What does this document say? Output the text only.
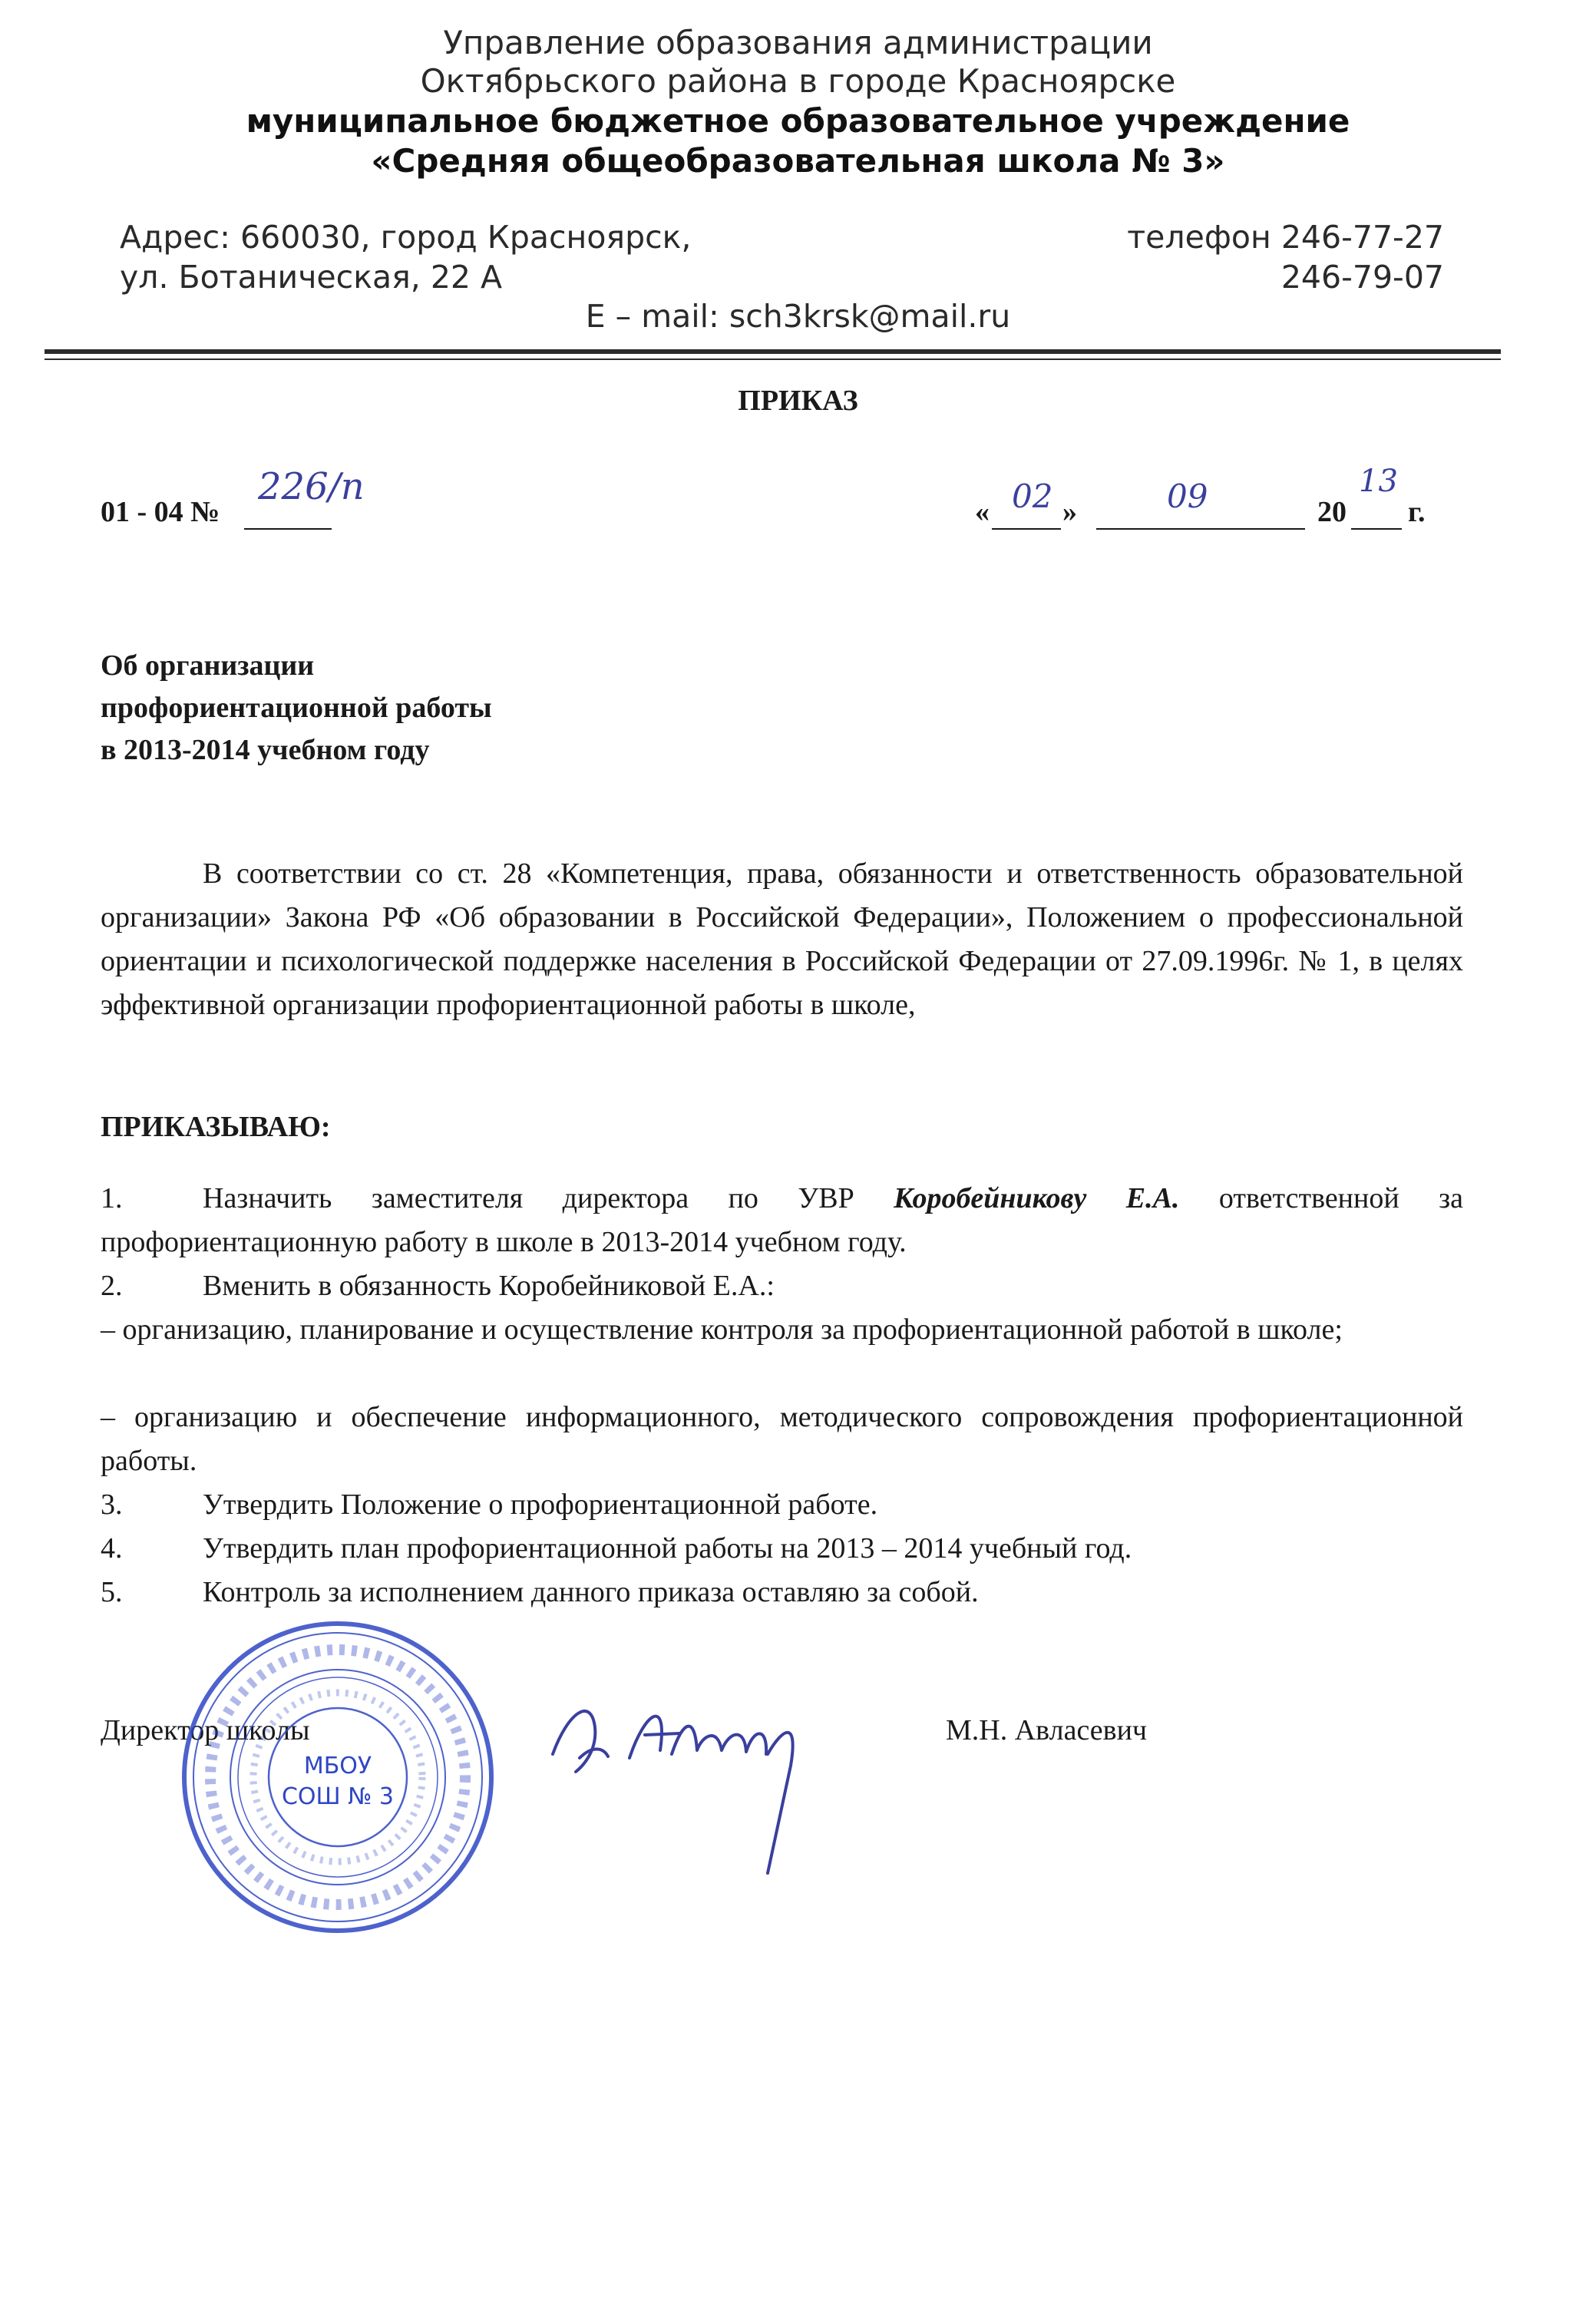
Управление образования администрации
Октябрьского района в городе Красноярске
муниципальное бюджетное образовательное учреждение
«Средняя общеобразовательная школа № 3»
Адрес: 660030, город Красноярск,
ул. Ботаническая, 22 А
телефон 246-77-27
246-79-07
E – mail: sch3krsk@mail.ru
ПРИКАЗ
01 - 04 №
226/п
« 02 »	09	20
13
г.
Об организации
профориентационной работы
в 2013-2014 учебном году
В соответствии со ст. 28 «Компетенция, права, обязанности и ответственность образовательной организации» Закона РФ «Об образовании в Российской Федерации», Положением о профессиональной ориентации и психологической поддержке населения в Российской Федерации от 27.09.1996г. № 1, в целях эффективной организации профориентационной работы в школе,
ПРИКАЗЫВАЮ:
1.	Назначить заместителя директора по УВР Коробейникову Е.А. ответственной за профориентационную работу в школе в 2013-2014 учебном году.
2.	Вменить в обязанность Коробейниковой Е.А.:
– организацию, планирование и осуществление контроля за профориентационной работой в школе;
– организацию и обеспечение информационного, методического сопровождения профориентационной работы.
3.	Утвердить Положение о профориентационной работе.
4.	Утвердить план профориентационной работы на 2013 – 2014 учебный год.
5.	Контроль за исполнением данного приказа оставляю за собой.
Директор школы	М.Н. Авласевич
МБОУ
СОШ № 3
